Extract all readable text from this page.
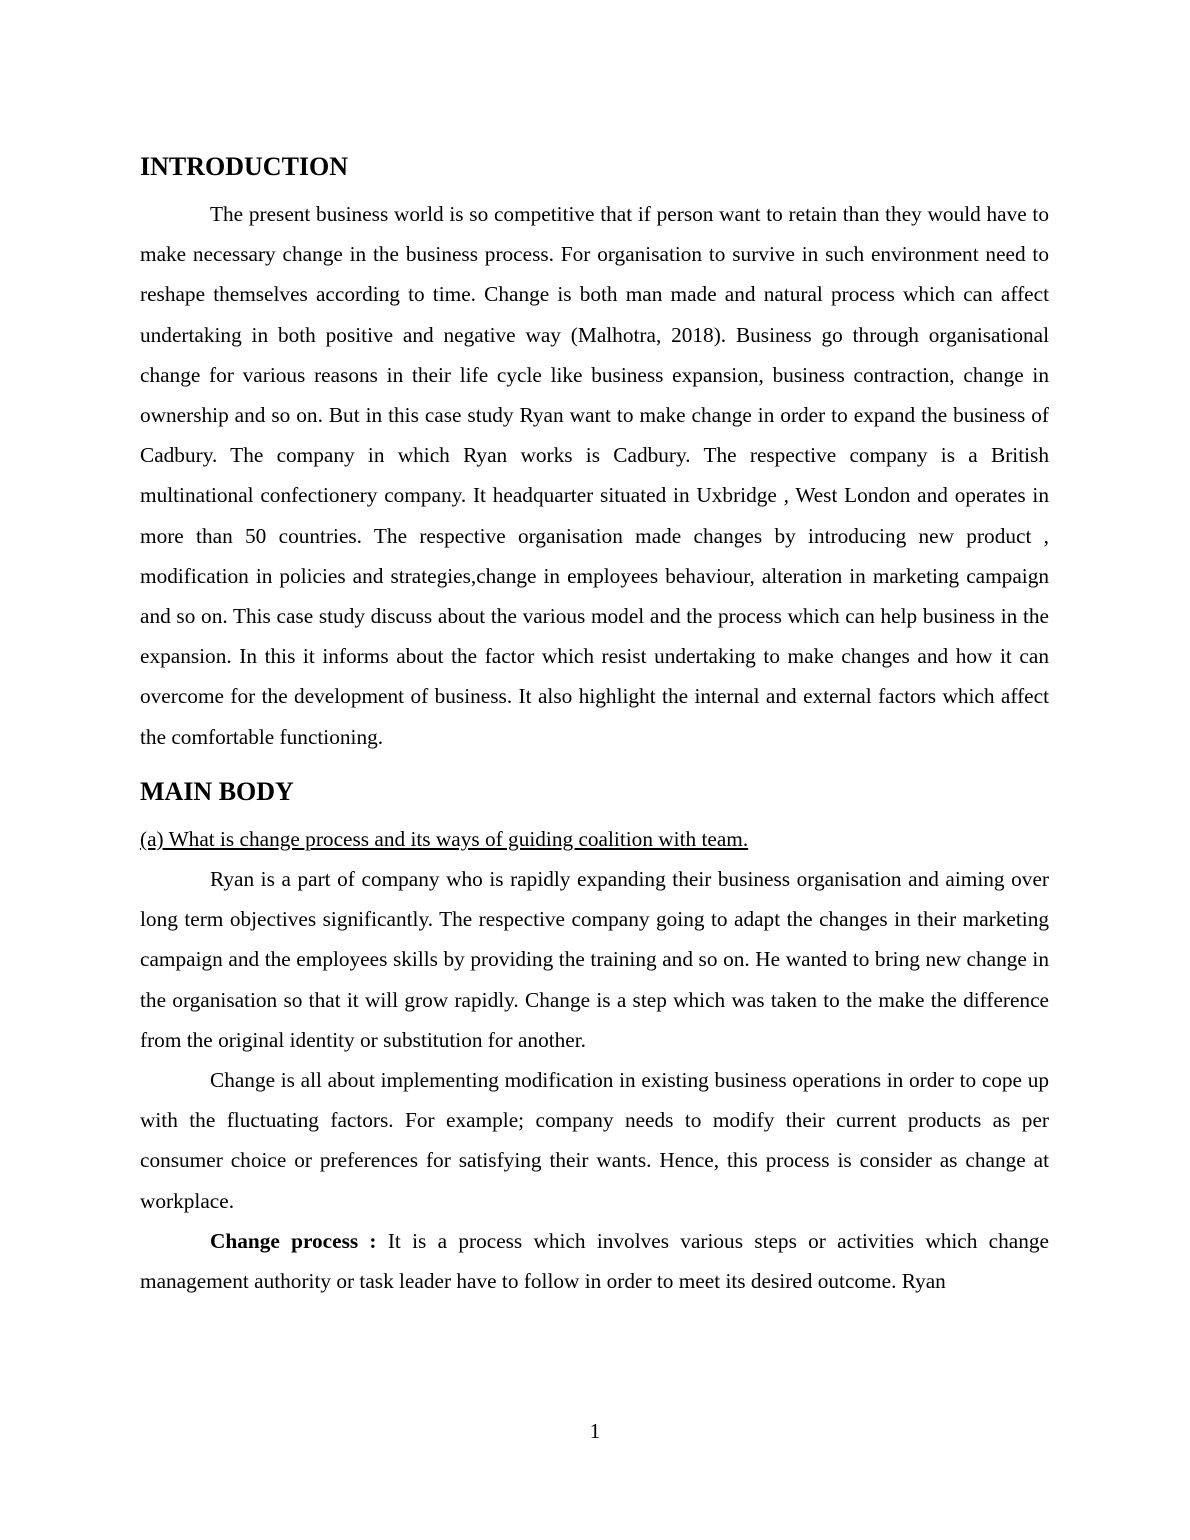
INTRODUCTION

The present business world is so competitive that if person want to retain than they would have to make necessary change in the business process. For organisation to survive in such environment need to reshape themselves according to time. Change is both man made and natural process which can affect undertaking in both positive and negative way (Malhotra, 2018). Business go through organisational change for various reasons in their life cycle like business expansion, business contraction, change in ownership and so on. But in this case study Ryan want to make change in order to expand the business of Cadbury. The company in which Ryan works is Cadbury. The respective company is a British multinational confectionery company. It headquarter situated in Uxbridge , West London and operates in more than 50 countries. The respective organisation made changes by introducing new product , modification in policies and strategies,change in employees behaviour, alteration in marketing campaign and so on. This case study discuss about the various model and the process which can help business in the expansion. In this it informs about the factor which resist undertaking to make changes and how it can overcome for the development of business. It also highlight the internal and external factors which affect the comfortable functioning.

MAIN BODY

(a) What is change process and its ways of guiding coalition with team.

Ryan is a part of company who is rapidly expanding their business organisation and aiming over long term objectives significantly. The respective company going to adapt the changes in their marketing campaign and the employees skills by providing the training and so on. He wanted to bring new change in the organisation so that it will grow rapidly. Change is a step which was taken to the make the difference from the original identity or substitution for another.

Change is all about implementing modification in existing business operations in order to cope up with the fluctuating factors. For example; company needs to modify their current products as per consumer choice or preferences for satisfying their wants. Hence, this process is consider as change at workplace.

Change process : It is a process which involves various steps or activities which change management authority or task leader have to follow in order to meet its desired outcome. Ryan

1
